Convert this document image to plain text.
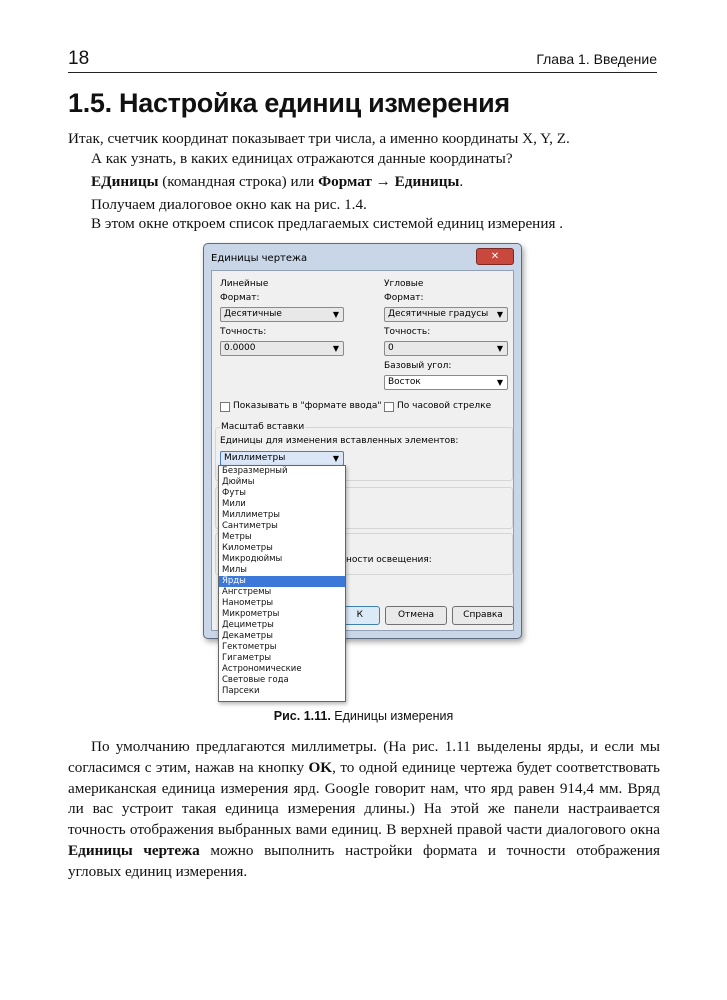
18	Глава 1. Введение
1.5. Настройка единиц измерения

Итак, счетчик координат показывает три числа, а именно координаты X, Y, Z.

А как узнать, в каких единицах отражаются данные координаты?

ЕДиницы (командная строка) или Формат → Единицы.

Получаем диалоговое окно как на рис. 1.4.

В этом окне откроем список предлагаемых системой единиц измерения .

Единицы чертежа	✕
Линейные
Формат:
Десятичные	▼
Точность:
0.0000	▼
Угловые
Формат:
Десятичные градусы ▼
Точность:
0	▼
Базовый угол:
Восток	▼
Показывать в "формате ввода" По часовой стрелке
Масштаб вставки
Единицы для изменения вставленных элементов:
Миллиметры	▼
ности освещения:
К	Отмена	Справка
Безразмерный
Дюймы
Футы
Мили
Миллиметры
Сантиметры
Метры
Километры
Микродюймы
Милы
Ярды
Ангстремы
Нанометры
Микрометры
Дециметры
Декаметры
Гектометры
Гигаметры
Астрономические
Световые года
Парсеки
Рис. 1.11. Единицы измерения

По умолчанию предлагаются миллиметры. (На рис. 1.11 выделены ярды, и если мы согласимся с этим, нажав на кнопку OK, то одной единице чертежа будет соответствовать американская единица измерения ярд. Google говорит нам, что ярд равен 914,4 мм. Вряд ли вас устроит такая единица измерения длины.) На этой же панели настраивается точность отображения выбранных вами единиц. В верхней правой части диалогового окна Единицы чертежа можно выполнить настройки формата и точности отображения угловых единиц измерения.
